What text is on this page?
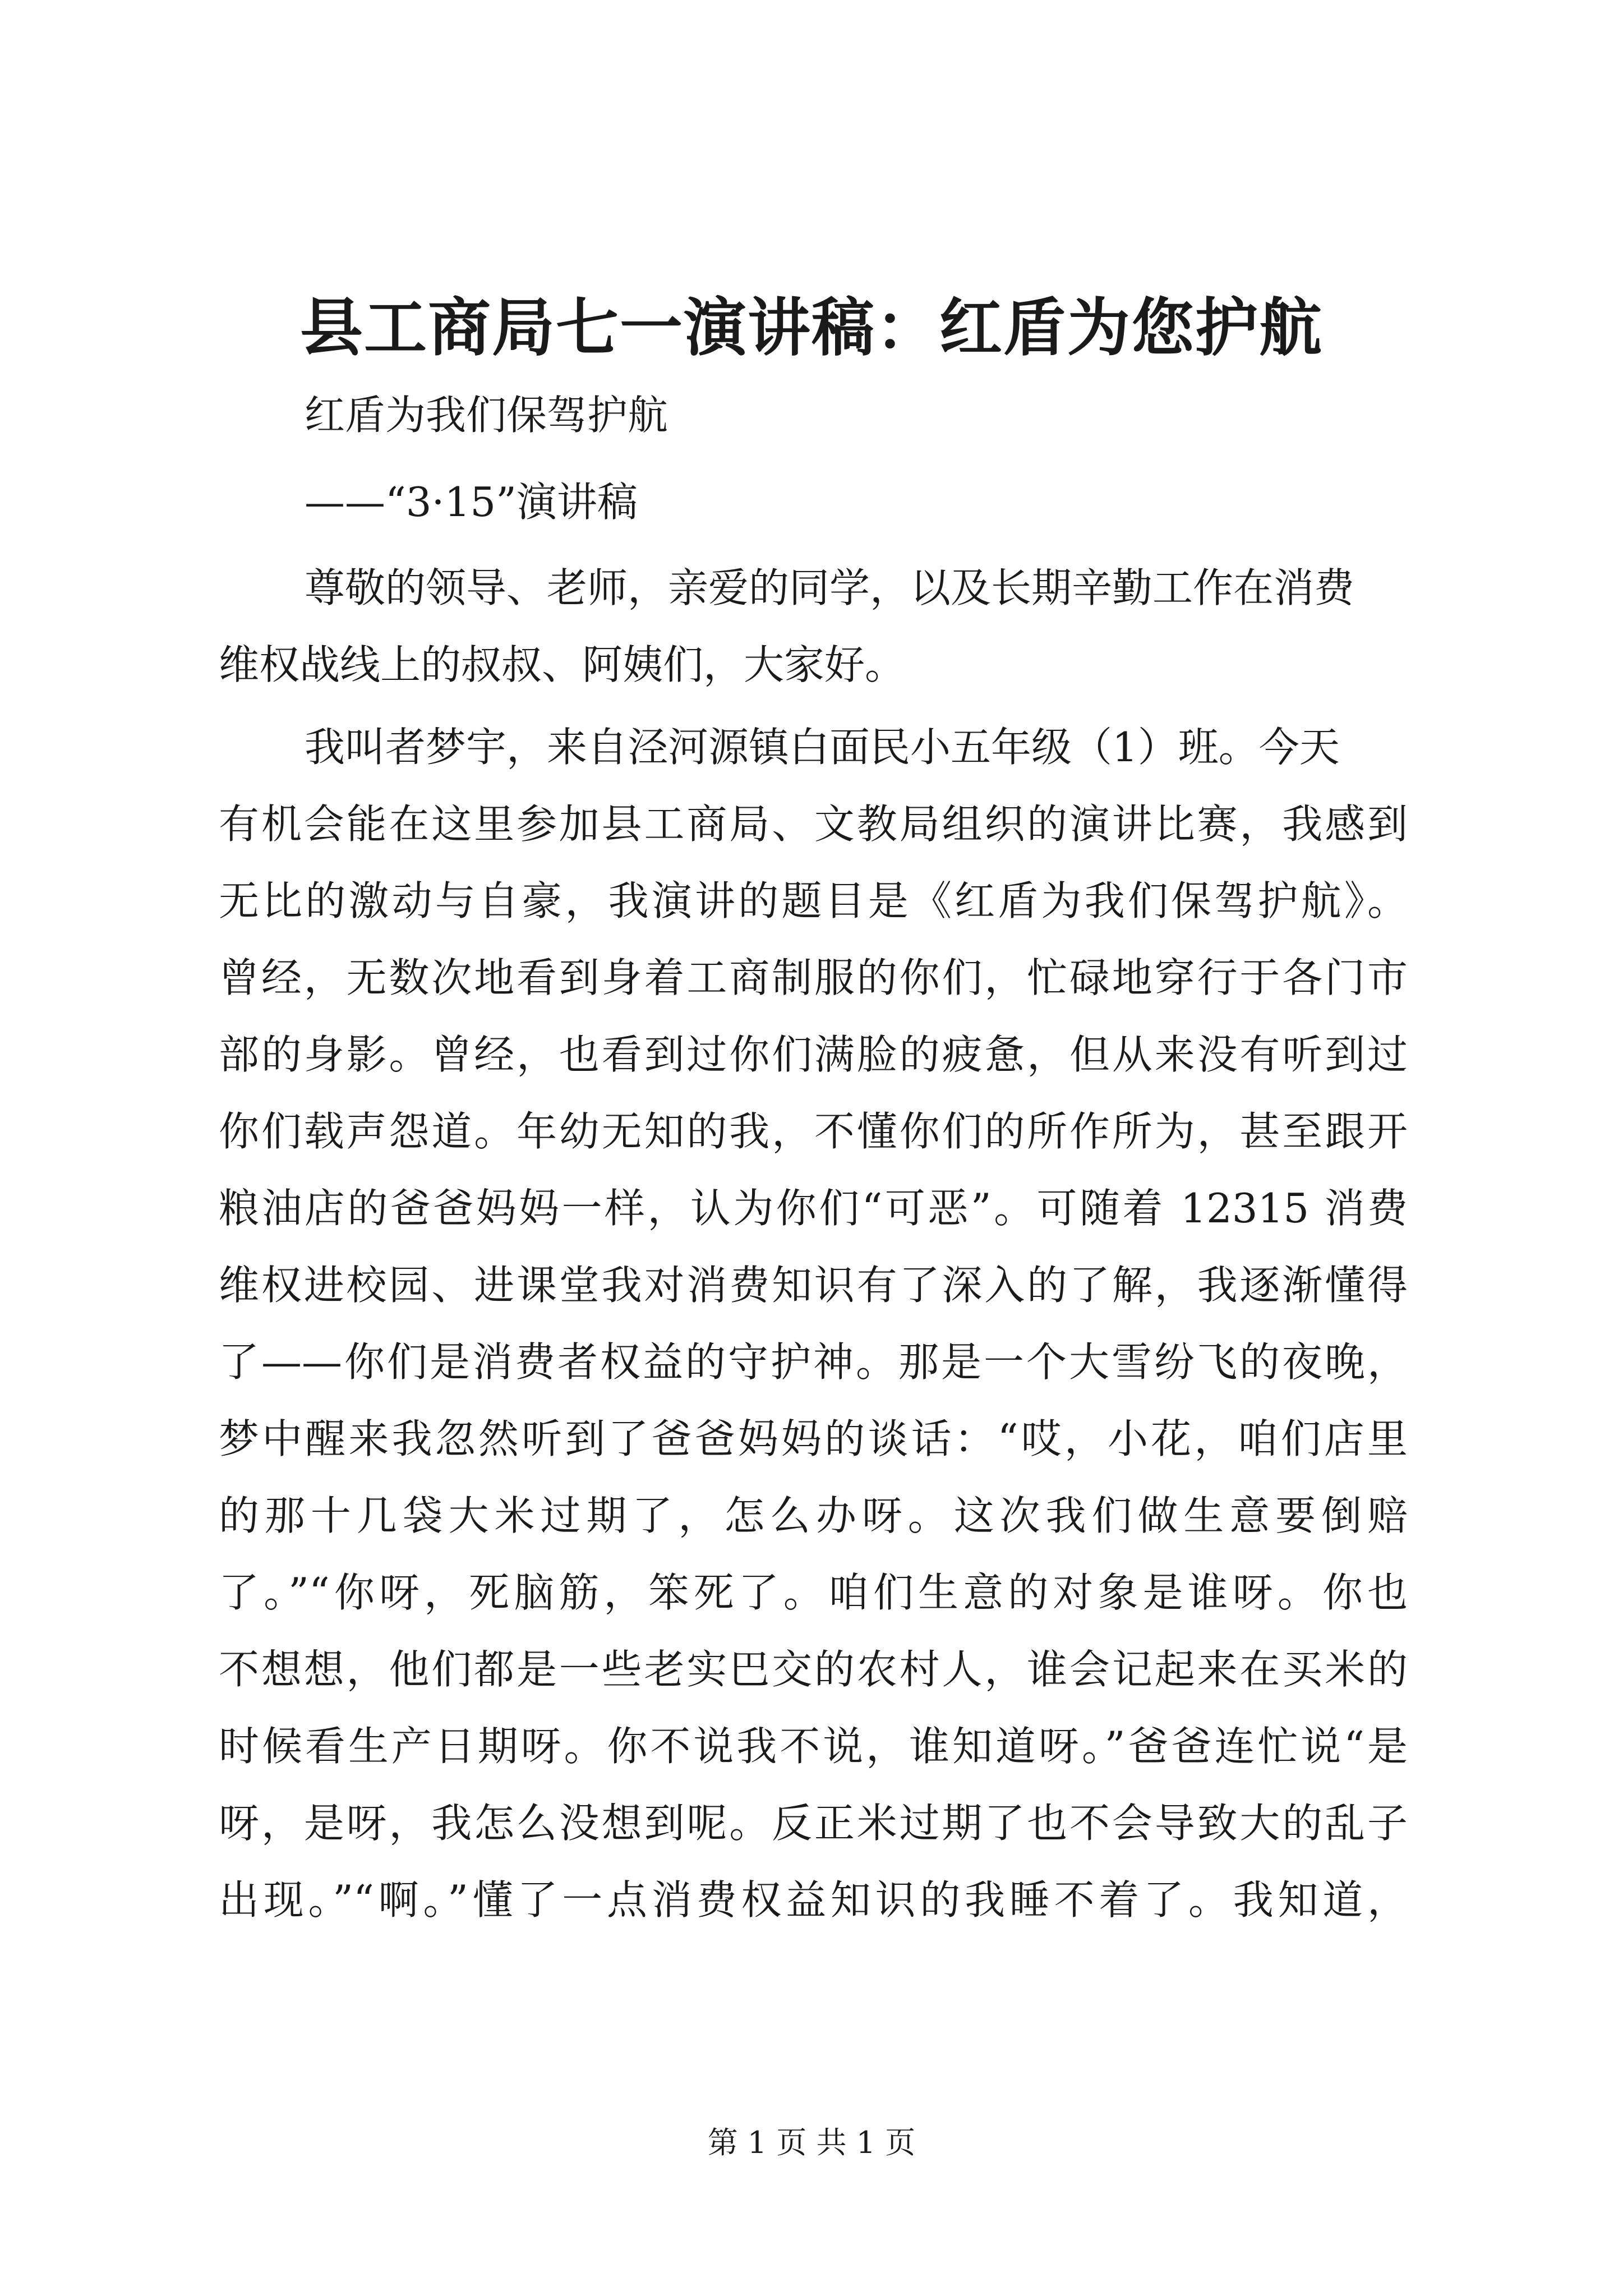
县工商局七一演讲稿：红盾为您护航
红盾为我们保驾护航
——“3·15”演讲稿
尊敬的领导、老师，亲爱的同学，以及长期辛勤工作在消费
维权战线上的叔叔、阿姨们，大家好。
我叫者梦宇，来自泾河源镇白面民小五年级（1）班。今天
有机会能在这里参加县工商局、文教局组织的演讲比赛，我感到
无比的激动与自豪，我演讲的题目是《红盾为我们保驾护航》。
曾经，无数次地看到身着工商制服的你们，忙碌地穿行于各门市
部的身影。曾经，也看到过你们满脸的疲惫，但从来没有听到过
你们载声怨道。年幼无知的我，不懂你们的所作所为，甚至跟开
粮油店的爸爸妈妈一样，认为你们“可恶”。可随着 12315 消费
维权进校园、进课堂我对消费知识有了深入的了解，我逐渐懂得
了——你们是消费者权益的守护神。那是一个大雪纷飞的夜晚，
梦中醒来我忽然听到了爸爸妈妈的谈话：“哎，小花，咱们店里
的那十几袋大米过期了，怎么办呀。这次我们做生意要倒赔
了。”“你呀，死脑筋，笨死了。咱们生意的对象是谁呀。你也
不想想，他们都是一些老实巴交的农村人，谁会记起来在买米的
时候看生产日期呀。你不说我不说，谁知道呀。”爸爸连忙说“是
呀，是呀，我怎么没想到呢。反正米过期了也不会导致大的乱子
出现。”“啊。”懂了一点消费权益知识的我睡不着了。我知道，
第 1 页 共 1 页
